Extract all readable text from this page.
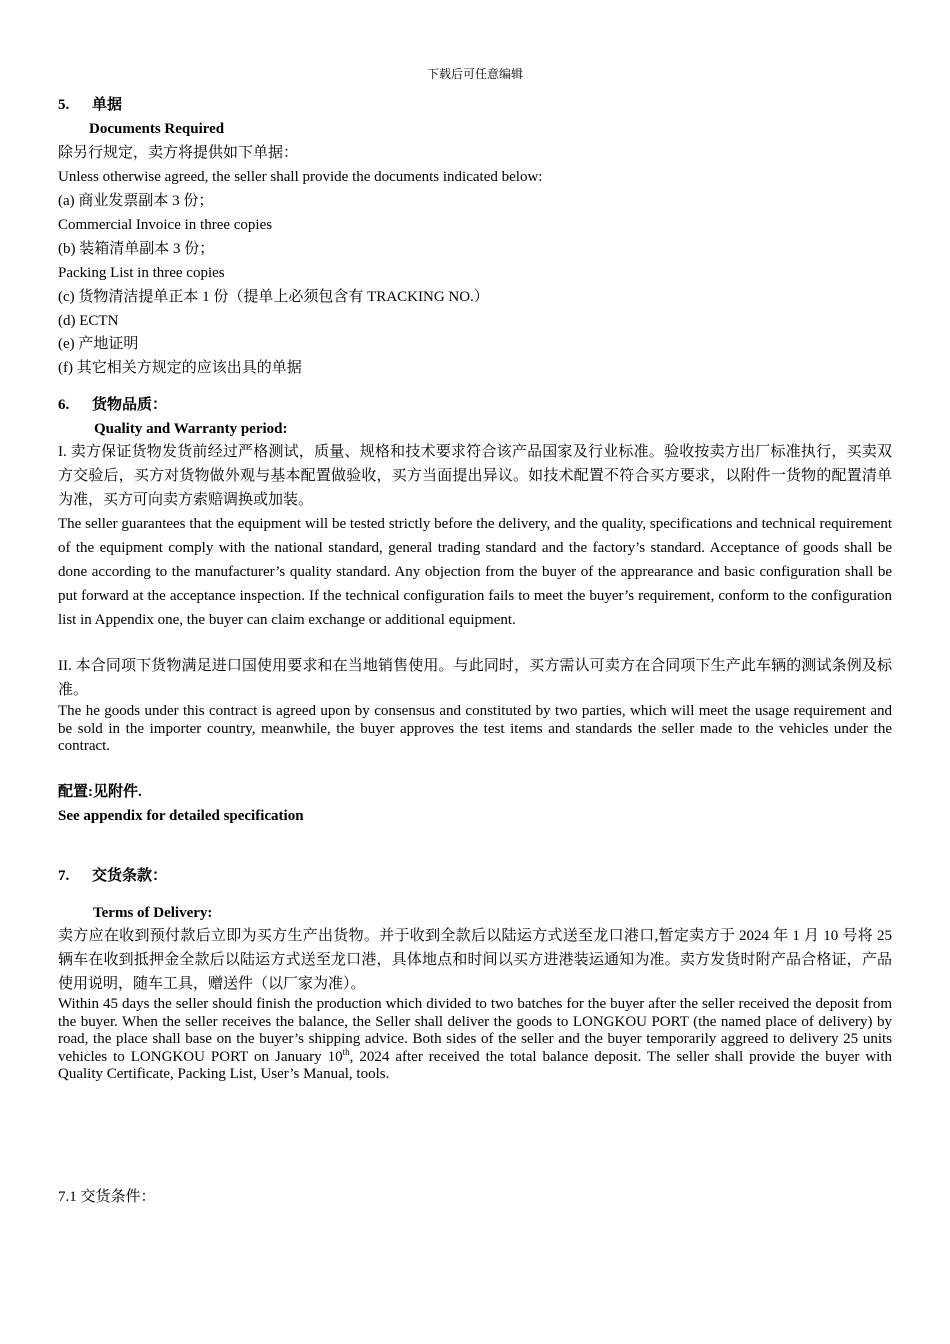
下载后可任意编辑
5. 单据
Documents Required
除另行规定，卖方将提供如下单据：
Unless otherwise agreed, the seller shall provide the documents indicated below:
(a) 商业发票副本 3 份；
Commercial Invoice in three copies
(b) 装箱清单副本 3 份；
Packing List in three copies
(c) 货物清洁提单正本 1 份（提单上必须包含有 TRACKING NO.）
(d) ECTN
(e) 产地证明
(f) 其它相关方规定的应该出具的单据
6. 货物品质：
Quality and Warranty period:
I. 卖方保证货物发货前经过严格测试，质量、规格和技术要求符合该产品国家及行业标准。验收按卖方出厂标准执行，买卖双方交验后，买方对货物做外观与基本配置做验收，买方当面提出异议。如技术配置不符合买方要求，以附件一货物的配置清单为准，买方可向卖方索赔调换或加装。
The seller guarantees that the equipment will be tested strictly before the delivery, and the quality, specifications and technical requirement of the equipment comply with the national standard, general trading standard and the factory’s standard. Acceptance of goods shall be done according to the manufacturer’s quality standard. Any objection from the buyer of the apprearance and basic configuration shall be put forward at the acceptance inspection. If the technical configuration fails to meet the buyer’s requirement, conform to the configuration list in Appendix one, the buyer can claim exchange or additional equipment.
II. 本合同项下货物满足进口国使用要求和在当地销售使用。与此同时，买方需认可卖方在合同项下生产此车辆的测试条例及标准。
The he goods under this contract is agreed upon by consensus and constituted by two parties, which will meet the usage requirement and be sold in the importer country, meanwhile, the buyer approves the test items and standards the seller made to the vehicles under the contract.
配置:见附件.
See appendix for detailed specification
7. 交货条款：
Terms of Delivery:
卖方应在收到预付款后立即为买方生产出货物。并于收到全款后以陆运方式送至龙口港口,暂定卖方于 2024 年 1 月 10 号将 25 辆车在收到抵押金全款后以陆运方式送至龙口港，具体地点和时间以买方进港装运通知为准。卖方发货时附产品合格证，产品使用说明，随车工具，赠送件（以厂家为准）。
Within 45 days the seller should finish the production which divided to two batches for the buyer after the seller received the deposit from the buyer. When the seller receives the balance, the Seller shall deliver the goods to LONGKOU PORT (the named place of delivery) by road, the place shall base on the buyer’s shipping advice. Both sides of the seller and the buyer temporarily aggreed to delivery 25 units vehicles to LONGKOU PORT on January 10th, 2024 after received the total balance deposit. The seller shall provide the buyer with Quality Certificate, Packing List, User’s Manual, tools.
7.1 交货条件：
